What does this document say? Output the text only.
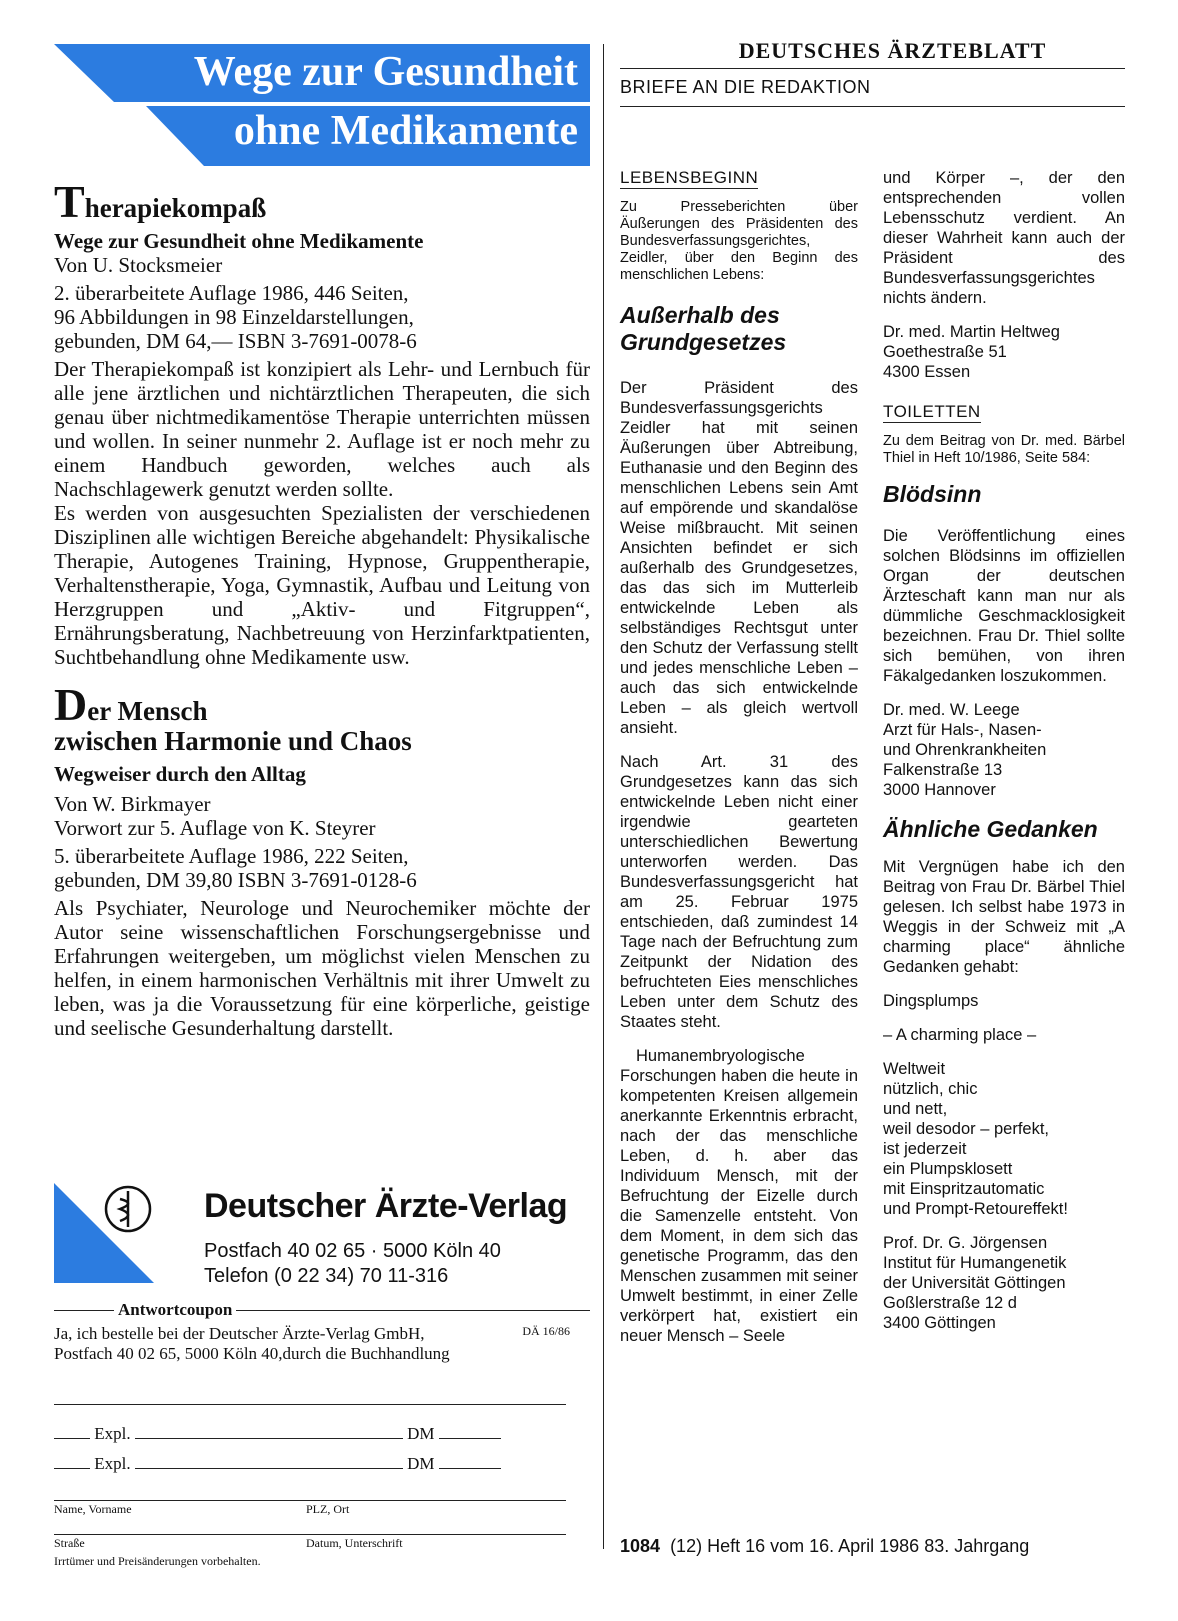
Wege zur Gesundheit
ohne Medikamente
Therapiekompaß
Wege zur Gesundheit ohne Medikamente
Von U. Stocksmeier
2. überarbeitete Auflage 1986, 446 Seiten,
96 Abbildungen in 98 Einzeldarstellungen,
gebunden, DM 64,— ISBN 3-7691-0078-6
Der Therapiekompaß ist konzipiert als Lehr- und Lernbuch für alle jene ärztlichen und nichtärztlichen Therapeuten, die sich genau über nichtmedikamentöse Therapie unterrichten müssen und wollen. In seiner nunmehr 2. Auflage ist er noch mehr zu einem Handbuch geworden, welches auch als Nachschlagewerk genutzt werden sollte.
Es werden von ausgesuchten Spezialisten der verschiedenen Disziplinen alle wichtigen Bereiche abgehandelt: Physikalische Therapie, Autogenes Training, Hypnose, Gruppentherapie, Verhaltenstherapie, Yoga, Gymnastik, Aufbau und Leitung von Herzgruppen und „Aktiv- und Fitgruppen“, Ernährungsberatung, Nachbetreuung von Herzinfarktpatienten, Suchtbehandlung ohne Medikamente usw.
Der Mensch
zwischen Harmonie und Chaos
Wegweiser durch den Alltag
Von W. Birkmayer
Vorwort zur 5. Auflage von K. Steyrer
5. überarbeitete Auflage 1986, 222 Seiten,
gebunden, DM 39,80 ISBN 3-7691-0128-6
Als Psychiater, Neurologe und Neurochemiker möchte der Autor seine wissenschaftlichen Forschungsergebnisse und Erfahrungen weitergeben, um möglichst vielen Menschen zu helfen, in einem harmonischen Verhältnis mit ihrer Umwelt zu leben, was ja die Voraussetzung für eine körperliche, geistige und seelische Gesunderhaltung darstellt.
Deutscher Ärzte-Verlag
Postfach 40 02 65 · 5000 Köln 40
Telefon (0 22 34) 70 11-316
Antwortcoupon
Ja, ich bestelle bei der Deutscher Ärzte-Verlag GmbH,	DÄ 16/86
Postfach 40 02 65, 5000 Köln 40,durch die Buchhandlung
Expl.	DM
Expl.	DM
Name, Vorname	PLZ, Ort
Straße	Datum, Unterschrift
Irrtümer und Preisänderungen vorbehalten.
DEUTSCHES ÄRZTEBLATT
BRIEFE AN DIE REDAKTION
LEBENSBEGINN

Zu Presseberichten über Äußerungen des Präsidenten des Bundesverfassungsgerichtes, Zeidler, über den Beginn des menschlichen Lebens:

Außerhalb des Grundgesetzes

Der Präsident des Bundesverfassungsgerichts Zeidler hat mit seinen Äußerungen über Abtreibung, Euthanasie und den Beginn des menschlichen Lebens sein Amt auf empörende und skandalöse Weise mißbraucht. Mit seinen Ansichten befindet er sich außerhalb des Grundgesetzes, das das sich im Mutterleib entwickelnde Leben als selbständiges Rechtsgut unter den Schutz der Verfassung stellt und jedes menschliche Leben – auch das sich entwickelnde Leben – als gleich wertvoll ansieht.

Nach Art. 31 des Grundgesetzes kann das sich entwickelnde Leben nicht einer irgendwie gearteten unterschiedlichen Bewertung unterworfen werden. Das Bundesverfassungsgericht hat am 25. Februar 1975 entschieden, daß zumindest 14 Tage nach der Befruchtung zum Zeitpunkt der Nidation des befruchteten Eies menschliches Leben unter dem Schutz des Staates steht.

Humanembryologische Forschungen haben die heute in kompetenten Kreisen allgemein anerkannte Erkenntnis erbracht, nach der das menschliche Leben, d. h. aber das Individuum Mensch, mit der Befruchtung der Eizelle durch die Samenzelle entsteht. Von dem Moment, in dem sich das genetische Programm, das den Menschen zusammen mit seiner Umwelt bestimmt, in einer Zelle verkörpert hat, existiert ein neuer Mensch – Seele

und Körper –, der den entsprechenden vollen Lebensschutz verdient. An dieser Wahrheit kann auch der Präsident des Bundesverfassungsgerichtes nichts ändern.

Dr. med. Martin Heltweg
Goethestraße 51
4300 Essen
TOILETTEN

Zu dem Beitrag von Dr. med. Bärbel Thiel in Heft 10/1986, Seite 584:

Blödsinn

Die Veröffentlichung eines solchen Blödsinns im offiziellen Organ der deutschen Ärzteschaft kann man nur als dümmliche Geschmacklosigkeit bezeichnen. Frau Dr. Thiel sollte sich bemühen, von ihren Fäkalgedanken loszukommen.

Dr. med. W. Leege
Arzt für Hals-, Nasen-
und Ohrenkrankheiten
Falkenstraße 13
3000 Hannover
Ähnliche Gedanken

Mit Vergnügen habe ich den Beitrag von Frau Dr. Bärbel Thiel gelesen. Ich selbst habe 1973 in Weggis in der Schweiz mit „A charming place“ ähnliche Gedanken gehabt:

Dingsplumps

– A charming place –

Weltweit
nützlich, chic
und nett,
weil desodor – perfekt,
ist jederzeit
ein Plumpsklosett
mit Einspritzautomatic
und Prompt-Retoureffekt!
Prof. Dr. G. Jörgensen
Institut für Humangenetik
der Universität Göttingen
Goßlerstraße 12 d
3400 Göttingen
1084 (12) Heft 16 vom 16. April 1986 83. Jahrgang
